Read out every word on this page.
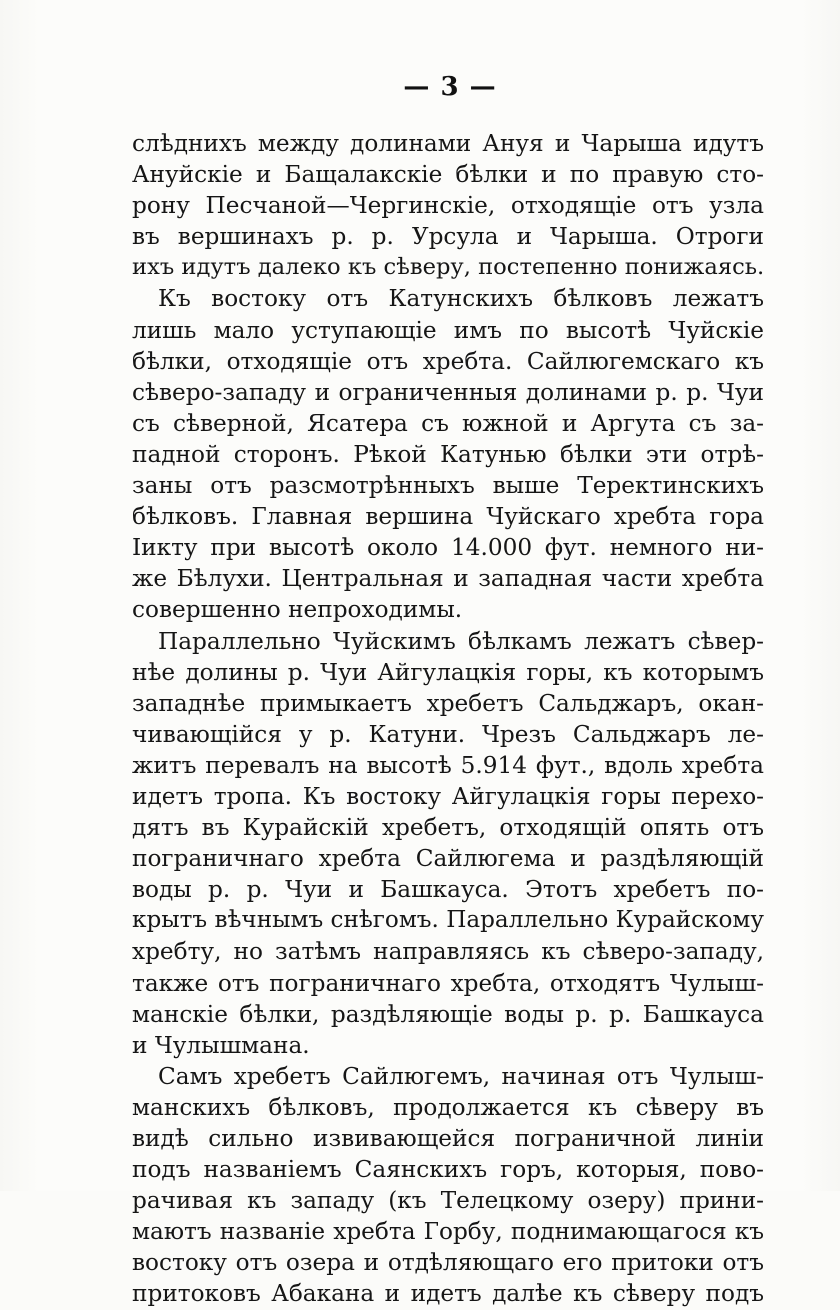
— 3 —
слѣднихъ между долинами Ануя и Чарыша идутъ
Ануйскіе и Бащалакскіе бѣлки и по правую сто-
рону Песчаной—Чергинскіе, отходящіе отъ узла
въ вершинахъ р. р. Урсула и Чарыша. Отроги
ихъ идутъ далеко къ сѣверу, постепенно понижаясь.
Къ востоку отъ Катунскихъ бѣлковъ лежатъ
лишь мало уступающіе имъ по высотѣ Чуйскіе
бѣлки, отходящіе отъ хребта. Сайлюгемскаго къ
сѣверо-западу и ограниченныя долинами р. р. Чуи
съ сѣверной, Ясатера съ южной и Аргута съ за-
падной сторонъ. Рѣкой Катунью бѣлки эти отрѣ-
заны отъ разсмотрѣнныхъ выше Теректинскихъ
бѣлковъ. Главная вершина Чуйскаго хребта гора
Іикту при высотѣ около 14.000 фут. немного ни-
же Бѣлухи. Центральная и западная части хребта
совершенно непроходимы.
Параллельно Чуйскимъ бѣлкамъ лежатъ сѣвер-
нѣе долины р. Чуи Айгулацкія горы, къ которымъ
западнѣе примыкаетъ хребетъ Сальджаръ, окан-
чивающійся у р. Катуни. Чрезъ Сальджаръ ле-
житъ перевалъ на высотѣ 5.914 фут., вдоль хребта
идетъ тропа. Къ востоку Айгулацкія горы перехо-
дятъ въ Курайскій хребетъ, отходящій опять отъ
пограничнаго хребта Сайлюгема и раздѣляющій
воды р. р. Чуи и Башкауса. Этотъ хребетъ по-
крытъ вѣчнымъ снѣгомъ. Параллельно Курайскому
хребту, но затѣмъ направляясь къ сѣверо-западу,
также отъ пограничнаго хребта, отходятъ Чулыш-
манскіе бѣлки, раздѣляющіе воды р. р. Башкауса
и Чулышмана.
Самъ хребетъ Сайлюгемъ, начиная отъ Чулыш-
манскихъ бѣлковъ, продолжается къ сѣверу въ
видѣ сильно извивающейся пограничной линіи
подъ названіемъ Саянскихъ горъ, которыя, пово-
рачивая къ западу (къ Телецкому озеру) прини-
маютъ названіе хребта Горбу, поднимающагося къ
востоку отъ озера и отдѣляющаго его притоки отъ
притоковъ Абакана и идетъ далѣе къ сѣверу подъ
